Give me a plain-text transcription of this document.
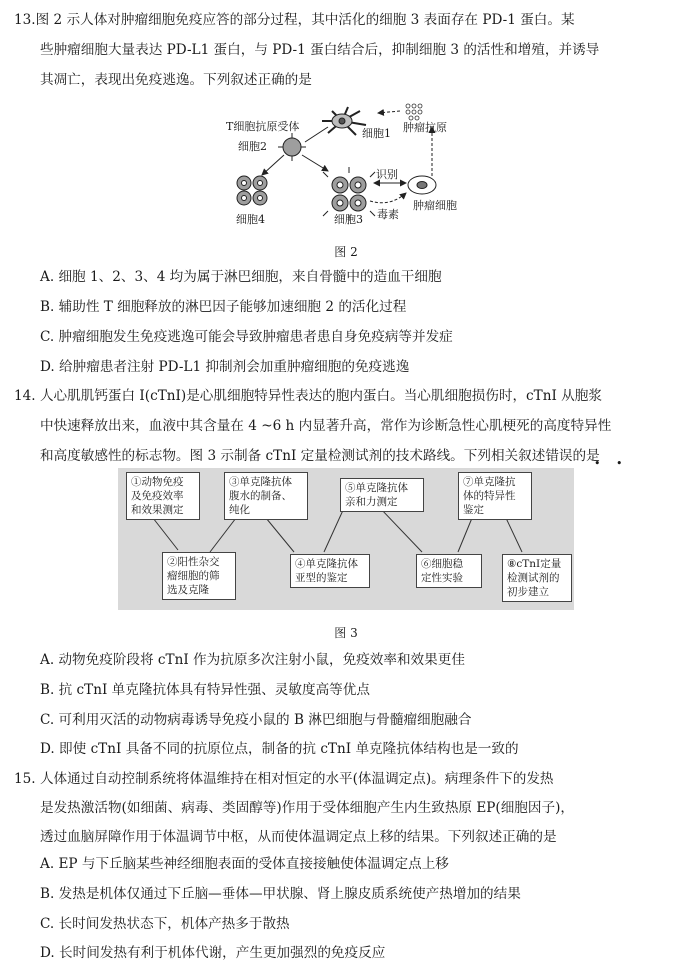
13.图 2 示人体对肿瘤细胞免疫应答的部分过程，其中活化的细胞 3 表面存在 PD-1 蛋白。某
些肿瘤细胞大量表达 PD-L1 蛋白，与 PD-1 蛋白结合后，抑制细胞 3 的活性和增殖，并诱导
其凋亡，表现出免疫逃逸。下列叙述正确的是
T细胞抗原受体
细胞2
细胞1 肿瘤抗原
识别
细胞4	细胞3 毒素
肿瘤细胞
图 2
A. 细胞 1、2、3、4 均为属于淋巴细胞，来自骨髓中的造血干细胞
B. 辅助性 T 细胞释放的淋巴因子能够加速细胞 2 的活化过程
C. 肿瘤细胞发生免疫逃逸可能会导致肿瘤患者患自身免疫病等并发症
D. 给肿瘤患者注射 PD-L1 抑制剂会加重肿瘤细胞的免疫逃逸
14. 人心肌肌钙蛋白 I(cTnI)是心肌细胞特异性表达的胞内蛋白。当心肌细胞损伤时，cTnI 从胞浆
中快速释放出来，血液中其含量在 4 ~6 h 内显著升高，常作为诊断急性心肌梗死的高度特异性
和高度敏感性的标志物。图 3 示制备 cTnI 定量检测试剂的技术路线。下列相关叙述错误的是
• •
①动物免疫
及免疫效率
和效果测定
②阳性杂交
瘤细胞的筛
选及克隆
③单克隆抗体
腹水的制备、
纯化
④单克隆抗体
亚型的鉴定
⑤单克隆抗体
亲和力测定
⑥细胞稳
定性实验
⑦单克隆抗
体的特异性
鉴定
⑧cTnI定量
检测试剂的
初步建立
图 3
A. 动物免疫阶段将 cTnI 作为抗原多次注射小鼠，免疫效率和效果更佳
B. 抗 cTnI 单克隆抗体具有特异性强、灵敏度高等优点
C. 可利用灭活的动物病毒诱导免疫小鼠的 B 淋巴细胞与骨髓瘤细胞融合
D. 即使 cTnI 具备不同的抗原位点，制备的抗 cTnI 单克隆抗体结构也是一致的
15. 人体通过自动控制系统将体温维持在相对恒定的水平(体温调定点)。病理条件下的发热
是发热激活物(如细菌、病毒、类固醇等)作用于受体细胞产生内生致热原 EP(细胞因子)，
透过血脑屏障作用于体温调节中枢，从而使体温调定点上移的结果。下列叙述正确的是
A. EP 与下丘脑某些神经细胞表面的受体直接接触使体温调定点上移
B. 发热是机体仅通过下丘脑—垂体—甲状腺、肾上腺皮质系统使产热增加的结果
C. 长时间发热状态下，机体产热多于散热
D. 长时间发热有利于机体代谢，产生更加强烈的免疫反应
